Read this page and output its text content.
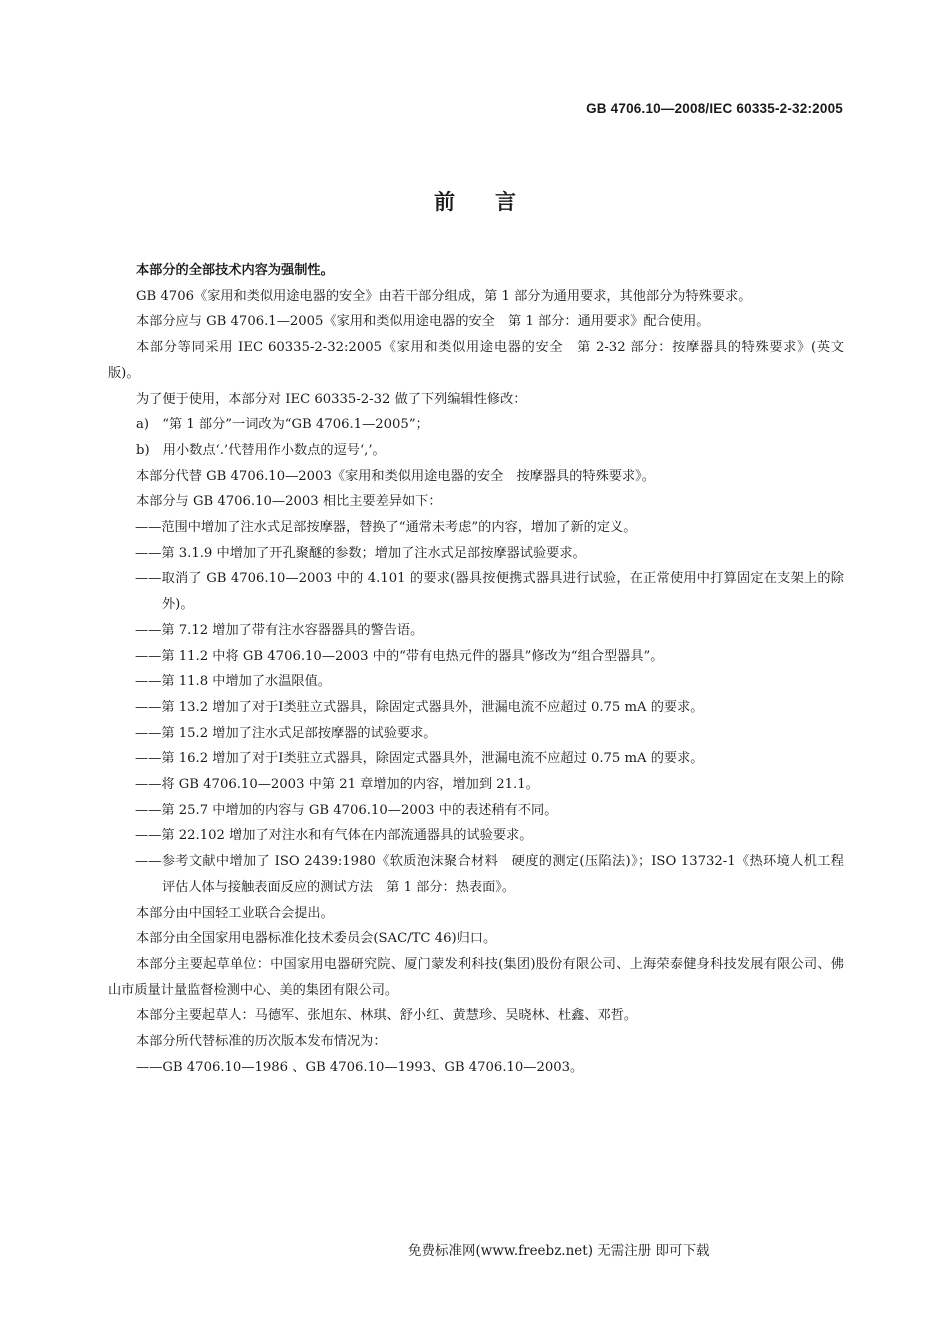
GB 4706.10—2008/IEC 60335-2-32:2005
前言

本部分的全部技术内容为强制性。

GB 4706《家用和类似用途电器的安全》由若干部分组成，第 1 部分为通用要求，其他部分为特殊要求。

本部分应与 GB 4706.1—2005《家用和类似用途电器的安全　第 1 部分：通用要求》配合使用。

本部分等同采用 IEC 60335-2-32:2005《家用和类似用途电器的安全　第 2-32 部分：按摩器具的特殊要求》(英文版)。

为了便于使用，本部分对 IEC 60335-2-32 做了下列编辑性修改：

a)　“第 1 部分”一词改为“GB 4706.1—2005”；

b)　用小数点‘.’代替用作小数点的逗号‘,’。

本部分代替 GB 4706.10—2003《家用和类似用途电器的安全　按摩器具的特殊要求》。

本部分与 GB 4706.10—2003 相比主要差异如下：

——范围中增加了注水式足部按摩器，替换了“通常未考虑”的内容，增加了新的定义。

——第 3.1.9 中增加了开孔聚醚的参数；增加了注水式足部按摩器试验要求。

——取消了 GB 4706.10—2003 中的 4.101 的要求(器具按便携式器具进行试验，在正常使用中打算固定在支架上的除外)。

——第 7.12 增加了带有注水容器器具的警告语。

——第 11.2 中将 GB 4706.10—2003 中的“带有电热元件的器具”修改为“组合型器具”。

——第 11.8 中增加了水温限值。

——第 13.2 增加了对于Ⅰ类驻立式器具，除固定式器具外，泄漏电流不应超过 0.75 mA 的要求。

——第 15.2 增加了注水式足部按摩器的试验要求。

——第 16.2 增加了对于Ⅰ类驻立式器具，除固定式器具外，泄漏电流不应超过 0.75 mA 的要求。

——将 GB 4706.10—2003 中第 21 章增加的内容，增加到 21.1。

——第 25.7 中增加的内容与 GB 4706.10—2003 中的表述稍有不同。

——第 22.102 增加了对注水和有气体在内部流通器具的试验要求。

——参考文献中增加了 ISO 2439:1980《软质泡沫聚合材料　硬度的测定(压陷法)》；ISO 13732-1《热环境人机工程　评估人体与接触表面反应的测试方法　第 1 部分：热表面》。

本部分由中国轻工业联合会提出。

本部分由全国家用电器标准化技术委员会(SAC/TC 46)归口。

本部分主要起草单位：中国家用电器研究院、厦门蒙发利科技(集团)股份有限公司、上海荣泰健身科技发展有限公司、佛山市质量计量监督检测中心、美的集团有限公司。

本部分主要起草人：马德军、张旭东、林琪、舒小红、黄慧珍、吴晓林、杜鑫、邓哲。

本部分所代替标准的历次版本发布情况为：

——GB 4706.10—1986 、GB 4706.10—1993、GB 4706.10—2003。

免费标准网(www.freebz.net) 无需注册 即可下载
